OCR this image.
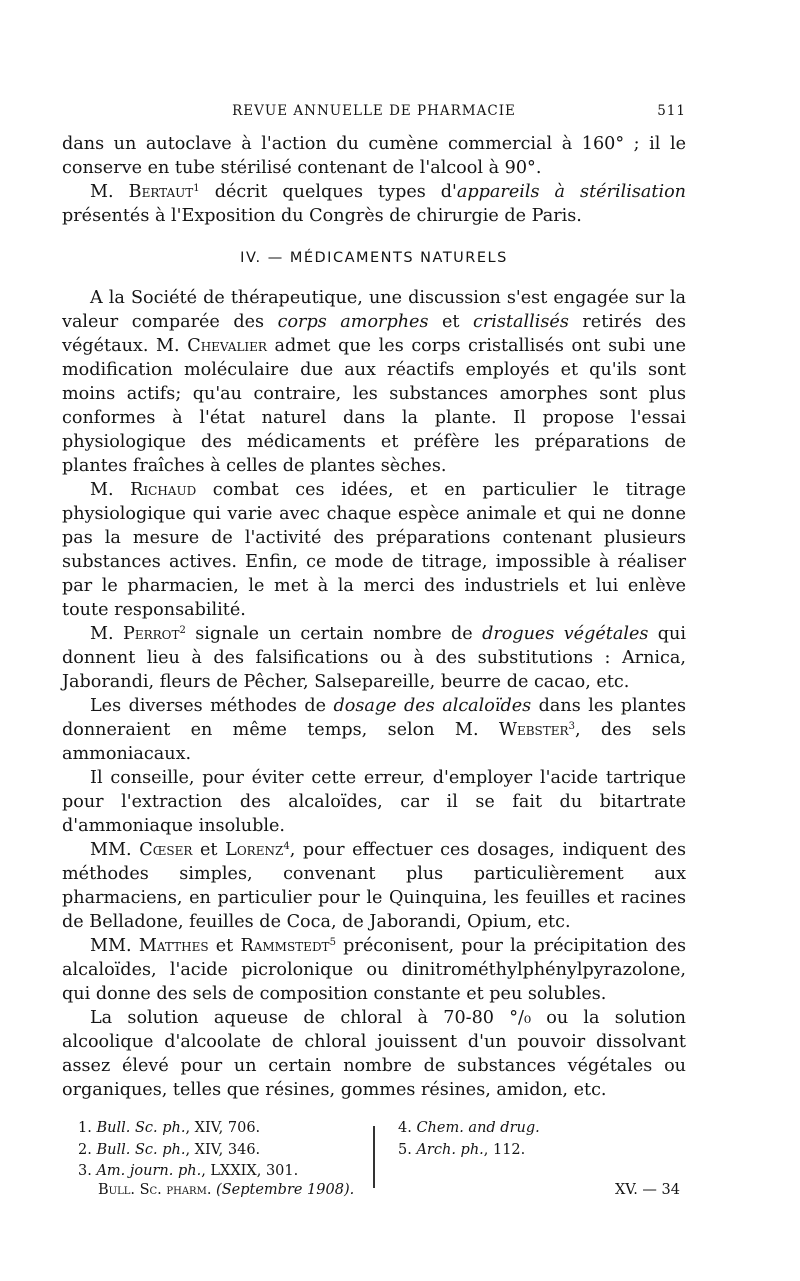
REVUE ANNUELLE DE PHARMACIE	511

dans un autoclave à l'action du cumène commercial à 160° ; il le conserve en tube stérilisé contenant de l'alcool à 90°.

M. Bertaut$^1$ décrit quelques types d'appareils à stérilisation présentés à l'Exposition du Congrès de chirurgie de Paris.

IV. — MÉDICAMENTS NATURELS

A la Société de thérapeutique, une discussion s'est engagée sur la valeur comparée des corps amorphes et cristallisés retirés des végétaux. M. Chevalier admet que les corps cristallisés ont subi une modification moléculaire due aux réactifs employés et qu'ils sont moins actifs; qu'au contraire, les substances amorphes sont plus conformes à l'état naturel dans la plante. Il propose l'essai physiologique des médicaments et préfère les préparations de plantes fraîches à celles de plantes sèches.

M. Richaud combat ces idées, et en particulier le titrage physiologique qui varie avec chaque espèce animale et qui ne donne pas la mesure de l'activité des préparations contenant plusieurs substances actives. Enfin, ce mode de titrage, impossible à réaliser par le pharmacien, le met à la merci des industriels et lui enlève toute responsabilité.

M. Perrot$^2$ signale un certain nombre de drogues végétales qui donnent lieu à des falsifications ou à des substitutions : Arnica, Jaborandi, fleurs de Pêcher, Salsepareille, beurre de cacao, etc.

Les diverses méthodes de dosage des alcaloïdes dans les plantes donneraient en même temps, selon M. Webster$^3$, des sels ammoniacaux.

Il conseille, pour éviter cette erreur, d'employer l'acide tartrique pour l'extraction des alcaloïdes, car il se fait du bitartrate d'ammoniaque insoluble.

MM. Cœser et Lorenz$^4$, pour effectuer ces dosages, indiquent des méthodes simples, convenant plus particulièrement aux pharmaciens, en particulier pour le Quinquina, les feuilles et racines de Belladone, feuilles de Coca, de Jaborandi, Opium, etc.

MM. Matthes et Rammstedt$^5$ préconisent, pour la précipitation des alcaloïdes, l'acide picrolonique ou dinitrométhylphénylpyrazolone, qui donne des sels de composition constante et peu solubles.

La solution aqueuse de chloral à 70-80 °/₀ ou la solution alcoolique d'alcoolate de chloral jouissent d'un pouvoir dissolvant assez élevé pour un certain nombre de substances végétales ou organiques, telles que résines, gommes résines, amidon, etc.

1. Bull. Sc. ph., XIV, 706.
2. Bull. Sc. ph., XIV, 346.
3. Am. journ. ph., LXXIX, 301.
4. Chem. and drug.
5. Arch. ph., 112.
Bull. Sc. pharm. (Septembre 1908).	XV. — 34
